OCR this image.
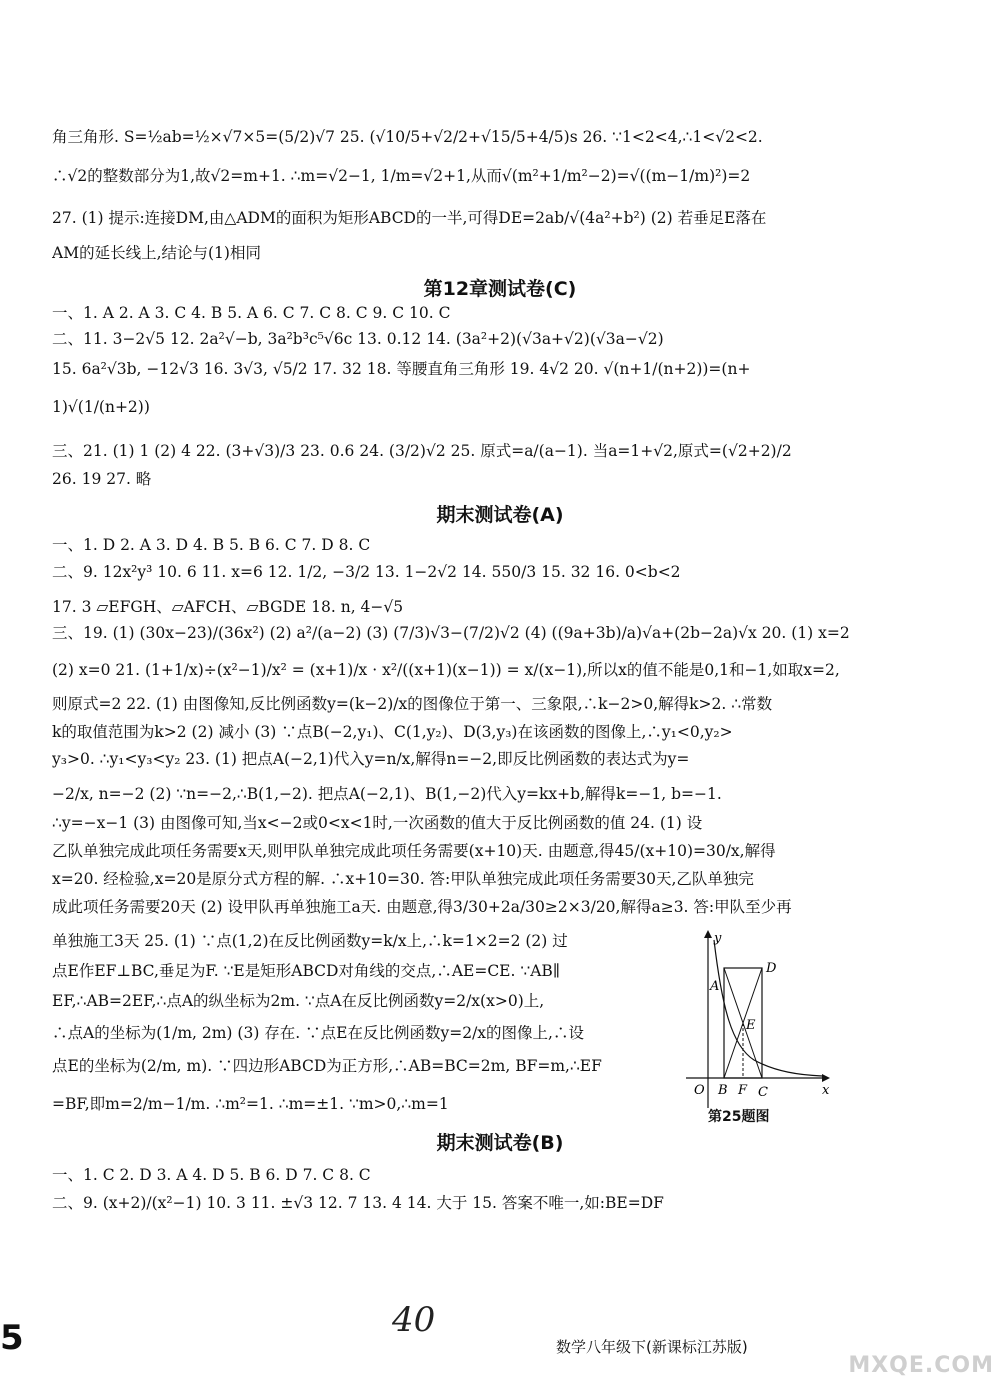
角三角形. S=½ab=½×√7×5=(5/2)√7 25. (√10/5+√2/2+√15/5+4/5)s 26. ∵1<2<4,∴1<√2<2.
∴√2的整数部分为1,故√2=m+1. ∴m=√2−1, 1/m=√2+1,从而√(m²+1/m²−2)=√((m−1/m)²)=2
27. (1) 提示:连接DM,由△ADM的面积为矩形ABCD的一半,可得DE=2ab/√(4a²+b²) (2) 若垂足E落在
AM的延长线上,结论与(1)相同
第12章测试卷(C)
一、1. A 2. A 3. C 4. B 5. A 6. C 7. C 8. C 9. C 10. C
二、11. 3−2√5 12. 2a²√−b, 3a²b³c⁵√6c 13. 0.12 14. (3a²+2)(√3a+√2)(√3a−√2)
15. 6a²√3b, −12√3 16. 3√3, √5/2 17. 32 18. 等腰直角三角形 19. 4√2 20. √(n+1/(n+2))=(n+
1)√(1/(n+2))
三、21. (1) 1 (2) 4 22. (3+√3)/3 23. 0.6 24. (3/2)√2 25. 原式=a/(a−1). 当a=1+√2,原式=(√2+2)/2
26. 19 27. 略
期末测试卷(A)
一、1. D 2. A 3. D 4. B 5. B 6. C 7. D 8. C
二、9. 12x²y³ 10. 6 11. x=6 12. 1/2, −3/2 13. 1−2√2 14. 550/3 15. 32 16. 0<b<2
17. 3 ▱EFGH、▱AFCH、▱BGDE 18. n, 4−√5
三、19. (1) (30x−23)/(36x²) (2) a²/(a−2) (3) (7/3)√3−(7/2)√2 (4) ((9a+3b)/a)√a+(2b−2a)√x 20. (1) x=2
(2) x=0 21. (1+1/x)÷(x²−1)/x² = (x+1)/x · x²/((x+1)(x−1)) = x/(x−1),所以x的值不能是0,1和−1,如取x=2,
则原式=2 22. (1) 由图像知,反比例函数y=(k−2)/x的图像位于第一、三象限,∴k−2>0,解得k>2. ∴常数
k的取值范围为k>2 (2) 减小 (3) ∵点B(−2,y₁)、C(1,y₂)、D(3,y₃)在该函数的图像上,∴y₁<0,y₂>
y₃>0. ∴y₁<y₃<y₂ 23. (1) 把点A(−2,1)代入y=n/x,解得n=−2,即反比例函数的表达式为y=
−2/x, n=−2 (2) ∵n=−2,∴B(1,−2). 把点A(−2,1)、B(1,−2)代入y=kx+b,解得k=−1, b=−1.
∴y=−x−1 (3) 由图像可知,当x<−2或0<x<1时,一次函数的值大于反比例函数的值 24. (1) 设
乙队单独完成此项任务需要x天,则甲队单独完成此项任务需要(x+10)天. 由题意,得45/(x+10)=30/x,解得
x=20. 经检验,x=20是原分式方程的解. ∴x+10=30. 答:甲队单独完成此项任务需要30天,乙队单独完
成此项任务需要20天 (2) 设甲队再单独施工a天. 由题意,得3/30+2a/30≥2×3/20,解得a≥3. 答:甲队至少再
单独施工3天 25. (1) ∵点(1,2)在反比例函数y=k/x上,∴k=1×2=2 (2) 过
点E作EF⊥BC,垂足为F. ∵E是矩形ABCD对角线的交点,∴AE=CE. ∵AB∥
EF,∴AB=2EF,∴点A的纵坐标为2m. ∵点A在反比例函数y=2/x(x>0)上,
∴点A的坐标为(1/m, 2m) (3) 存在. ∵点E在反比例函数y=2/x的图像上,∴设
点E的坐标为(2/m, m). ∵四边形ABCD为正方形,∴AB=BC=2m, BF=m,∴EF
=BF,即m=2/m−1/m. ∴m²=1. ∴m=±1. ∵m>0,∴m=1
y
x
O
A
D
E
B F C
第25题图
期末测试卷(B)
一、1. C 2. D 3. A 4. D 5. B 6. D 7. C 8. C
二、9. (x+2)/(x²−1) 10. 3 11. ±√3 12. 7 13. 4 14. 大于 15. 答案不唯一,如:BE=DF
40
5	数学八年级下(新课标江苏版)
MXQE.COM
